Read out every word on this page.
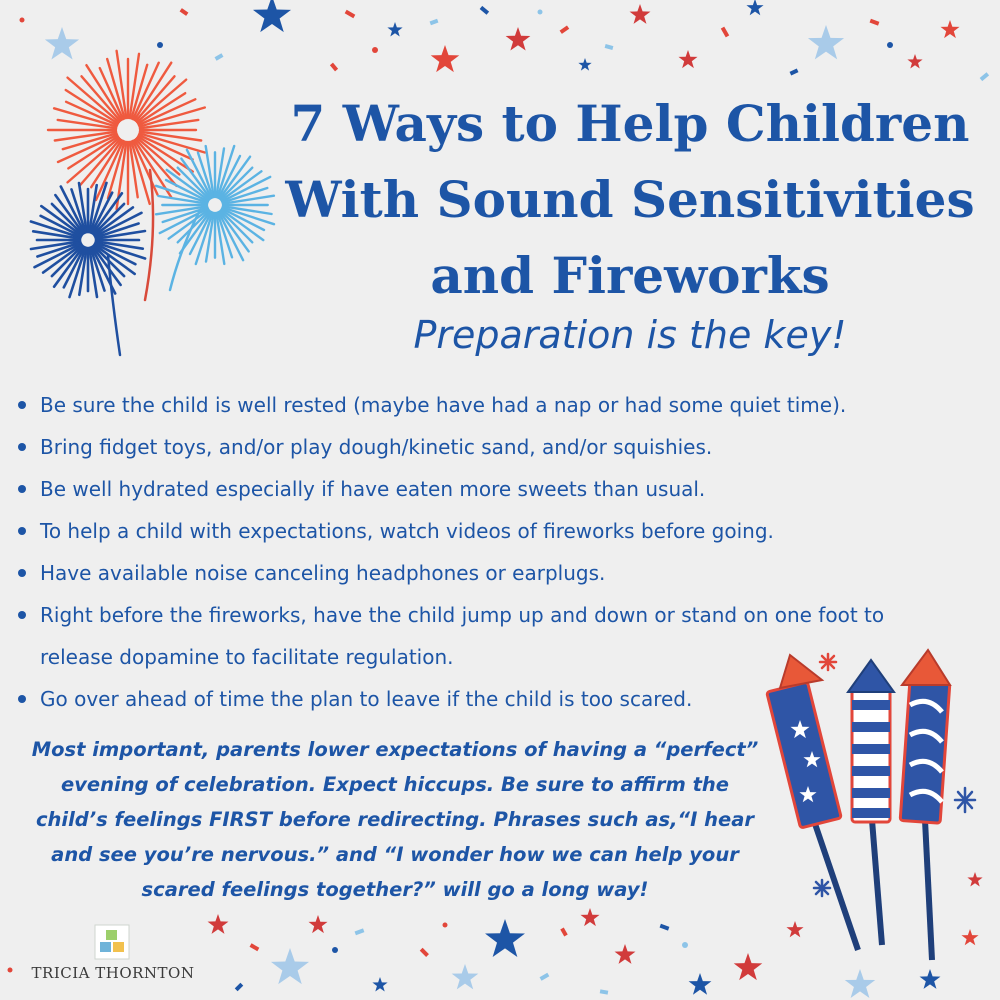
7 Ways to Help Children With Sound Sensitivities and Fireworks

Preparation is the key!

Be sure the child is well rested (maybe have had a nap or had some quiet time).
Bring fidget toys, and/or play dough/kinetic sand, and/or squishies.
Be well hydrated especially if have eaten more sweets than usual.
To help a child with expectations, watch videos of fireworks before going.
Have available noise canceling headphones or earplugs.
Right before the fireworks, have the child jump up and down or stand on one foot to
release dopamine to facilitate regulation.
Go over ahead of time the plan to leave if the child is too scared.

Most important, parents lower expectations of having a “perfect” evening of celebration. Expect hiccups. Be sure to affirm the child’s feelings FIRST before redirecting. Phrases such as,“I hear and see you’re nervous.” and “I wonder how we can help your scared feelings together?” will go a long way!

TRICIA THORNTON
